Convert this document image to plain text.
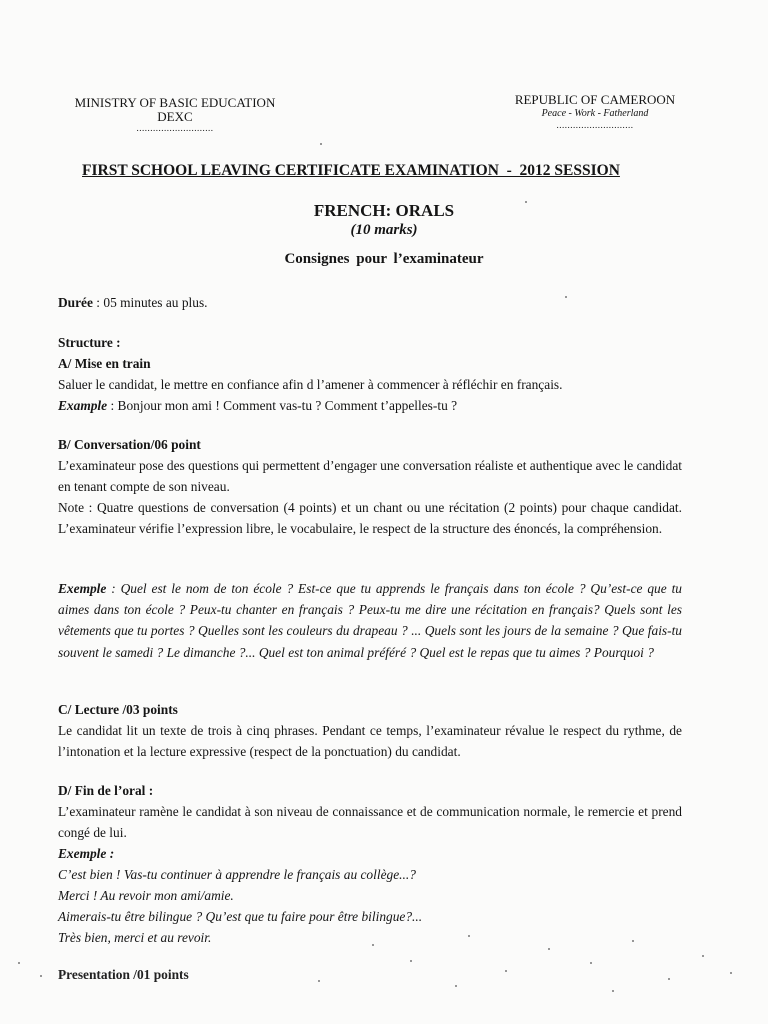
MINISTRY OF BASIC EDUCATION
DEXC
............................
REPUBLIC OF CAMEROON
Peace - Work - Fatherland
............................
FIRST SCHOOL LEAVING CERTIFICATE EXAMINATION  -  2012 SESSION
FRENCH: ORALS
(10 marks)
Consignes pour l’examinateur
Durée : 05 minutes au plus.
Structure :
A/ Mise en train
Saluer le candidat, le mettre en confiance afin d l’amener à commencer à réfléchir en français.
Example : Bonjour mon ami ! Comment vas-tu ? Comment t’appelles-tu ?
B/ Conversation/06 point
L’examinateur pose des questions qui permettent d’engager une conversation réaliste et authentique avec le candidat en tenant compte de son niveau.
Note : Quatre questions de conversation (4 points) et un chant ou une récitation (2 points) pour chaque candidat. L’examinateur vérifie l’expression libre, le vocabulaire, le respect de la structure des énoncés, la compréhension.
Exemple : Quel est le nom de ton école ? Est-ce que tu apprends le français dans ton école ? Qu’est-ce que tu aimes dans ton école ? Peux-tu chanter en français ? Peux-tu me dire une récitation en français? Quels sont les vêtements que tu portes ? Quelles sont les couleurs du drapeau ? ... Quels sont les jours de la semaine ? Que fais-tu souvent le samedi ? Le dimanche ?... Quel est ton animal préféré ? Quel est le repas que tu aimes ? Pourquoi ?
C/ Lecture /03 points
Le candidat lit un texte de trois à cinq phrases. Pendant ce temps, l’examinateur révalue le respect du rythme, de l’intonation et la lecture expressive (respect de la ponctuation) du candidat.
D/ Fin de l’oral :
L’examinateur ramène le candidat à son niveau de connaissance et de communication normale, le remercie et prend congé de lui.
Exemple :
C’est bien ! Vas-tu continuer à apprendre le français au collège...?
Merci ! Au revoir mon ami/amie.
Aimerais-tu être bilingue ? Qu’est que tu faire pour être bilingue?...
Très bien, merci et au revoir.
Presentation /01 points
